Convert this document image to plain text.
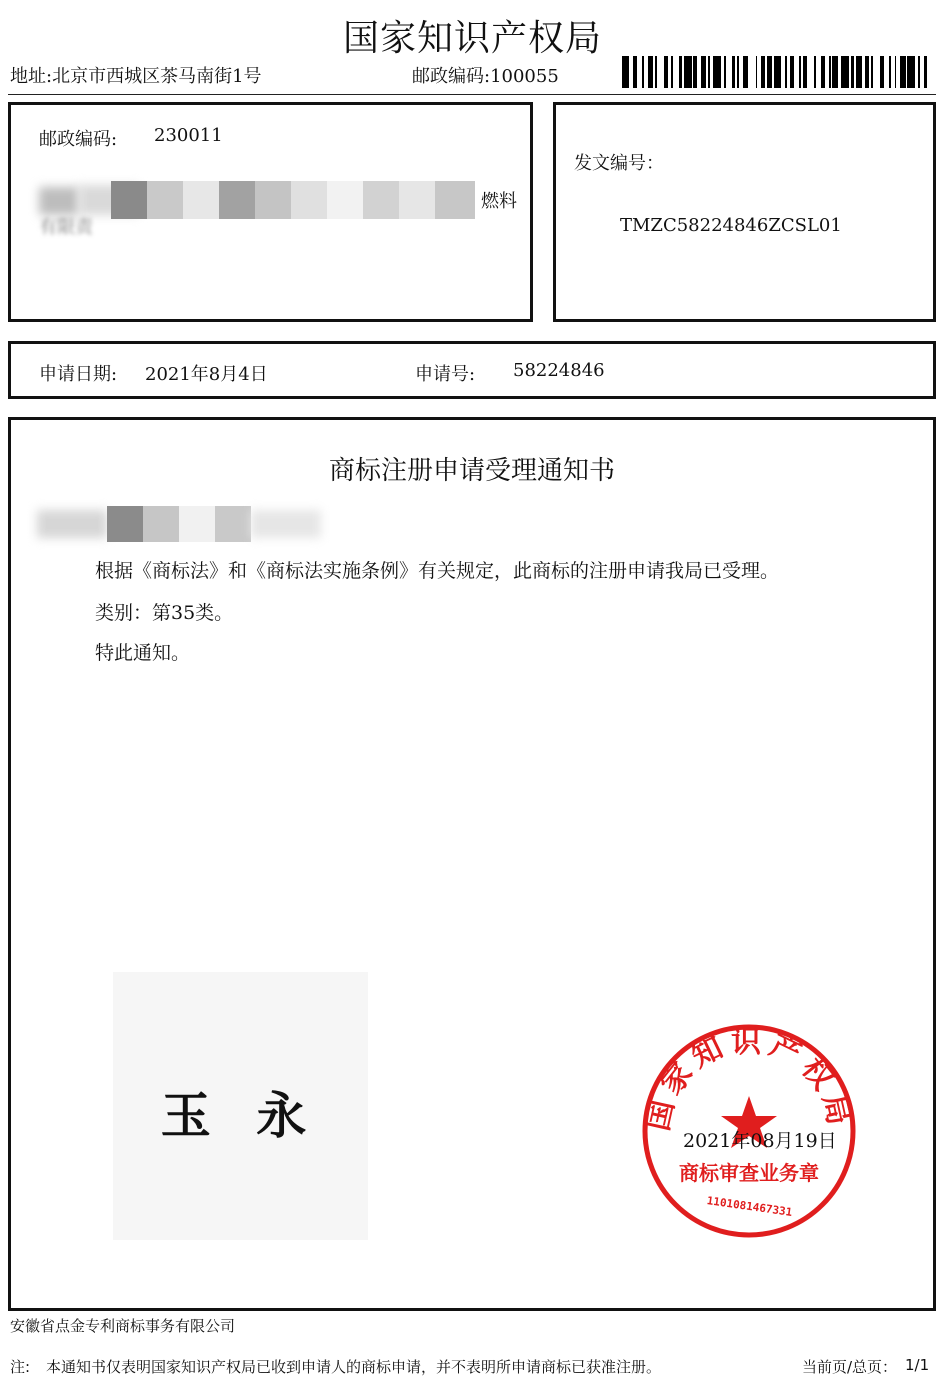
国家知识产权局
地址:北京市西城区茶马南街1号	邮政编码:100055
邮政编码: 230011
燃料
有限责
发文编号：
TMZC58224846ZCSL01
申请日期: 2021年8月4日	申请号: 58224846
商标注册申请受理通知书
根据《商标法》和《商标法实施条例》有关规定，此商标的注册申请我局已受理。
类别：第35类。
特此通知。
玉 永	国家知识产权局
商标审查业务章
1101081467331
2021年08月19日
安徽省点金专利商标事务有限公司
注: 本通知书仅表明国家知识产权局已收到申请人的商标申请，并不表明所申请商标已获准注册。	当前页/总页： 1/1
